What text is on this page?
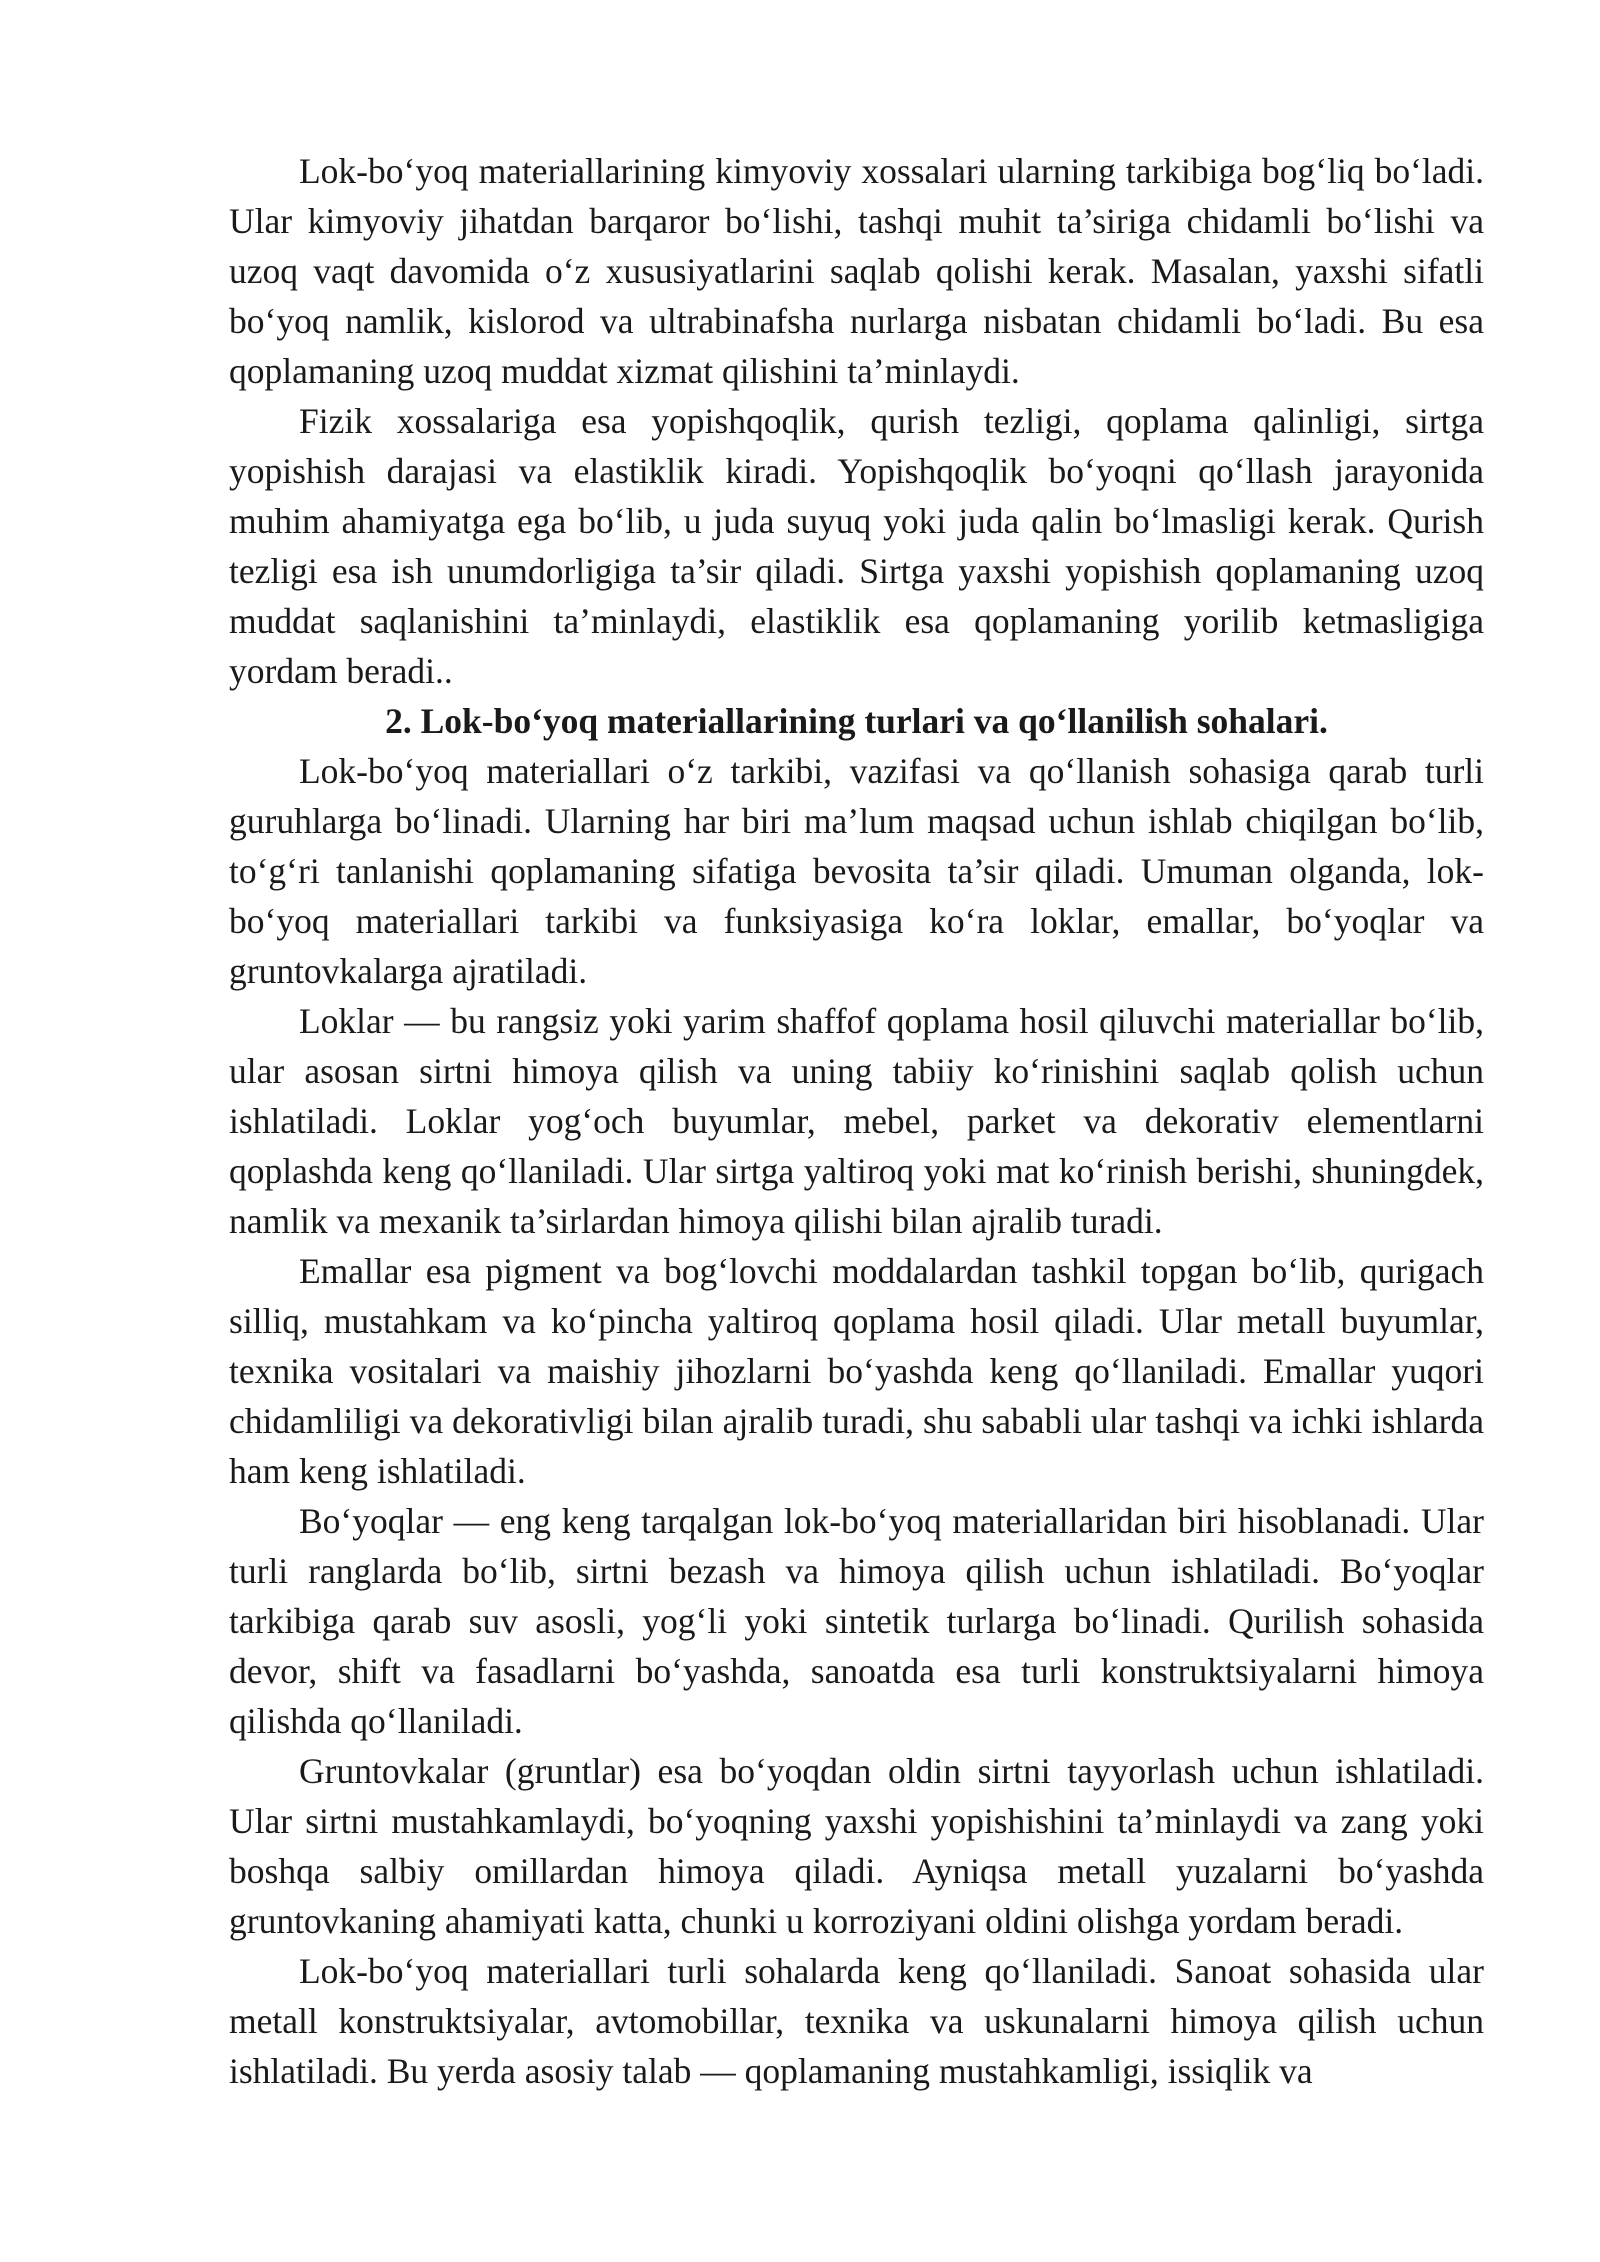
Lok-bo‘yoq materiallarining kimyoviy xossalari ularning tarkibiga bog‘liq bo‘ladi. Ular kimyoviy jihatdan barqaror bo‘lishi, tashqi muhit ta’siriga chidamli bo‘lishi va uzoq vaqt davomida o‘z xususiyatlarini saqlab qolishi kerak. Masalan, yaxshi sifatli bo‘yoq namlik, kislorod va ultrabinafsha nurlarga nisbatan chidamli bo‘ladi. Bu esa qoplamaning uzoq muddat xizmat qilishini ta’minlaydi.

Fizik xossalariga esa yopishqoqlik, qurish tezligi, qoplama qalinligi, sirtga yopishish darajasi va elastiklik kiradi. Yopishqoqlik bo‘yoqni qo‘llash jarayonida muhim ahamiyatga ega bo‘lib, u juda suyuq yoki juda qalin bo‘lmasligi kerak. Qurish tezligi esa ish unumdorligiga ta’sir qiladi. Sirtga yaxshi yopishish qoplamaning uzoq muddat saqlanishini ta’minlaydi, elastiklik esa qoplamaning yorilib ketmasligiga yordam beradi..

2. Lok-bo‘yoq materiallarining turlari va qo‘llanilish sohalari.

Lok-bo‘yoq materiallari o‘z tarkibi, vazifasi va qo‘llanish sohasiga qarab turli guruhlarga bo‘linadi. Ularning har biri ma’lum maqsad uchun ishlab chiqilgan bo‘lib, to‘g‘ri tanlanishi qoplamaning sifatiga bevosita ta’sir qiladi. Umuman olganda, lok-bo‘yoq materiallari tarkibi va funksiyasiga ko‘ra loklar, emallar, bo‘yoqlar va gruntovkalarga ajratiladi.

Loklar — bu rangsiz yoki yarim shaffof qoplama hosil qiluvchi materiallar bo‘lib, ular asosan sirtni himoya qilish va uning tabiiy ko‘rinishini saqlab qolish uchun ishlatiladi. Loklar yog‘och buyumlar, mebel, parket va dekorativ elementlarni qoplashda keng qo‘llaniladi. Ular sirtga yaltiroq yoki mat ko‘rinish berishi, shuningdek, namlik va mexanik ta’sirlardan himoya qilishi bilan ajralib turadi.

Emallar esa pigment va bog‘lovchi moddalardan tashkil topgan bo‘lib, qurigach silliq, mustahkam va ko‘pincha yaltiroq qoplama hosil qiladi. Ular metall buyumlar, texnika vositalari va maishiy jihozlarni bo‘yashda keng qo‘llaniladi. Emallar yuqori chidamliligi va dekorativligi bilan ajralib turadi, shu sababli ular tashqi va ichki ishlarda ham keng ishlatiladi.

Bo‘yoqlar — eng keng tarqalgan lok-bo‘yoq materiallaridan biri hisoblanadi. Ular turli ranglarda bo‘lib, sirtni bezash va himoya qilish uchun ishlatiladi. Bo‘yoqlar tarkibiga qarab suv asosli, yog‘li yoki sintetik turlarga bo‘linadi. Qurilish sohasida devor, shift va fasadlarni bo‘yashda, sanoatda esa turli konstruktsiyalarni himoya qilishda qo‘llaniladi.

Gruntovkalar (gruntlar) esa bo‘yoqdan oldin sirtni tayyorlash uchun ishlatiladi. Ular sirtni mustahkamlaydi, bo‘yoqning yaxshi yopishishini ta’minlaydi va zang yoki boshqa salbiy omillardan himoya qiladi. Ayniqsa metall yuzalarni bo‘yashda gruntovkaning ahamiyati katta, chunki u korroziyani oldini olishga yordam beradi.

Lok-bo‘yoq materiallari turli sohalarda keng qo‘llaniladi. Sanoat sohasida ular metall konstruktsiyalar, avtomobillar, texnika va uskunalarni himoya qilish uchun ishlatiladi. Bu yerda asosiy talab — qoplamaning mustahkamligi, issiqlik va
